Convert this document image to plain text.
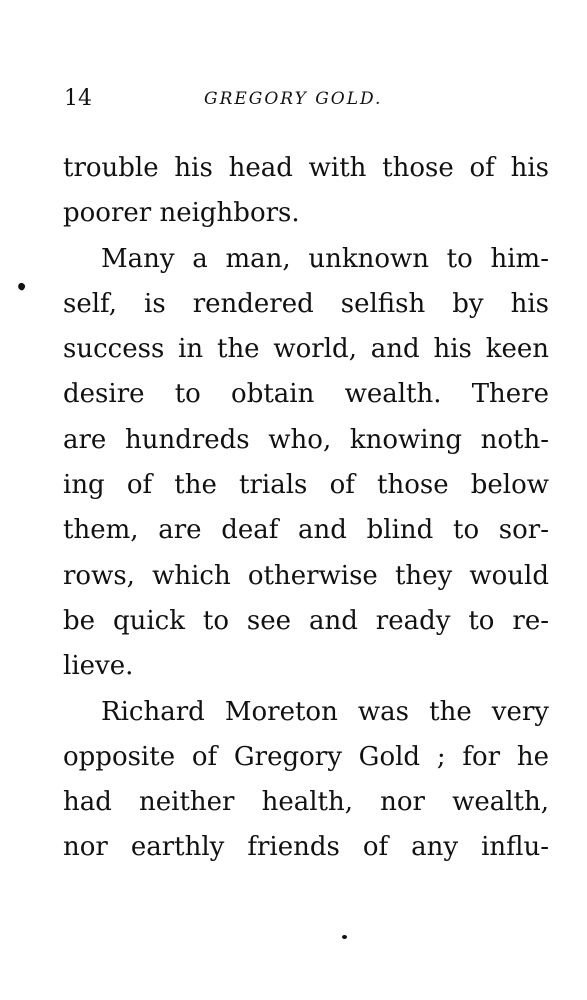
14	GREGORY GOLD.
trouble his head with those of his
poorer neighbors.
Many a man, unknown to him-
self, is rendered selfish by his
success in the world, and his keen
desire to obtain wealth. There
are hundreds who, knowing noth-
ing of the trials of those below
them, are deaf and blind to sor-
rows, which otherwise they would
be quick to see and ready to re-
lieve.
Richard Moreton was the very
opposite of Gregory Gold ; for he
had neither health, nor wealth,
nor earthly friends of any influ-
